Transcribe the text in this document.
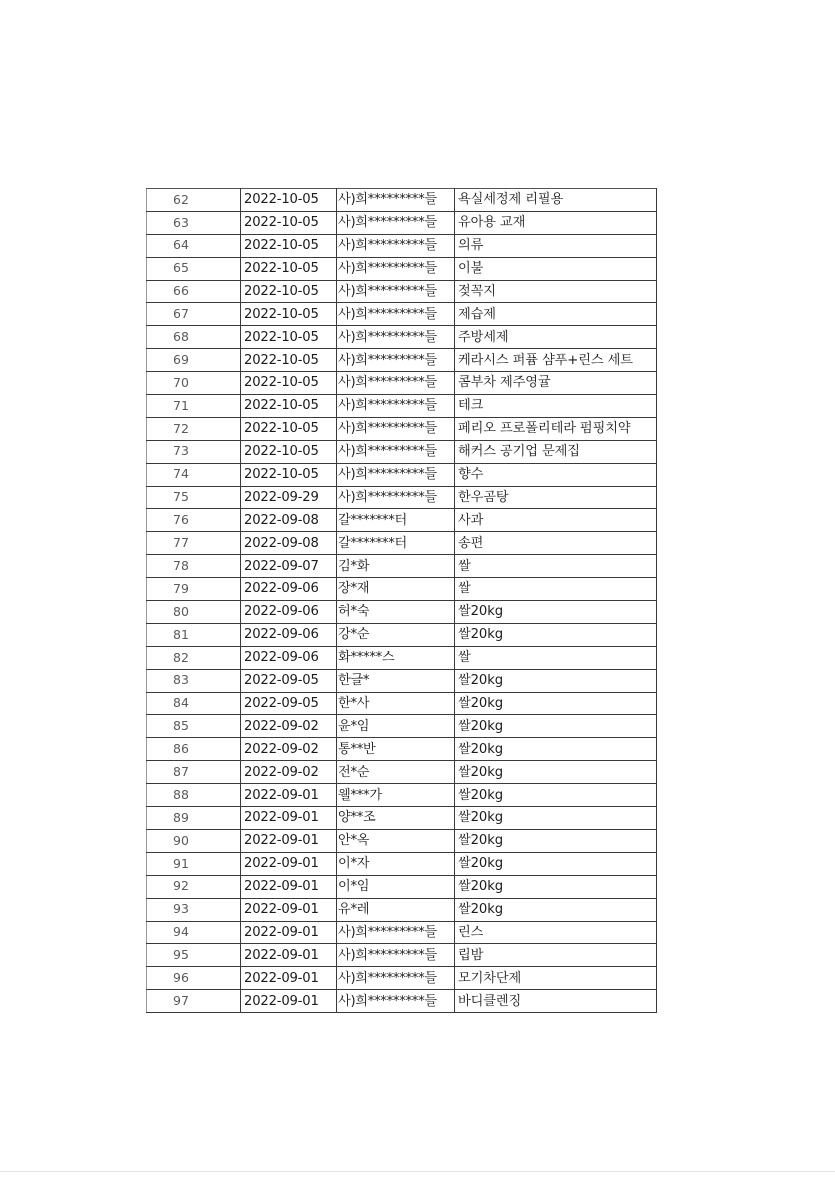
62	2022-10-05	사)희*********들	욕실세정제 리필용
63	2022-10-05	사)희*********들	유아용 교재
64	2022-10-05	사)희*********들	의류
65	2022-10-05	사)희*********들	이불
66	2022-10-05	사)희*********들	젖꼭지
67	2022-10-05	사)희*********들	제습제
68	2022-10-05	사)희*********들	주방세제
69	2022-10-05	사)희*********들	케라시스 퍼퓸 샴푸+린스 세트
70	2022-10-05	사)희*********들	콤부차 제주영귤
71	2022-10-05	사)희*********들	테크
72	2022-10-05	사)희*********들	페리오 프로폴리테라 펌핑치약
73	2022-10-05	사)희*********들	해커스 공기업 문제집
74	2022-10-05	사)희*********들	향수
75	2022-09-29	사)희*********들	한우곰탕
76	2022-09-08	갈*******터	사과
77	2022-09-08	갈*******터	송편
78	2022-09-07	김*화	쌀
79	2022-09-06	장*재	쌀
80	2022-09-06	허*숙	쌀20kg
81	2022-09-06	강*순	쌀20kg
82	2022-09-06	화*****스	쌀
83	2022-09-05	한글*	쌀20kg
84	2022-09-05	한*사	쌀20kg
85	2022-09-02	윤*임	쌀20kg
86	2022-09-02	통**반	쌀20kg
87	2022-09-02	전*순	쌀20kg
88	2022-09-01	웰***가	쌀20kg
89	2022-09-01	양**조	쌀20kg
90	2022-09-01	안*옥	쌀20kg
91	2022-09-01	이*자	쌀20kg
92	2022-09-01	이*임	쌀20kg
93	2022-09-01	유*레	쌀20kg
94	2022-09-01	사)희*********들	린스
95	2022-09-01	사)희*********들	립밤
96	2022-09-01	사)희*********들	모기차단제
97	2022-09-01	사)희*********들	바디클렌징
